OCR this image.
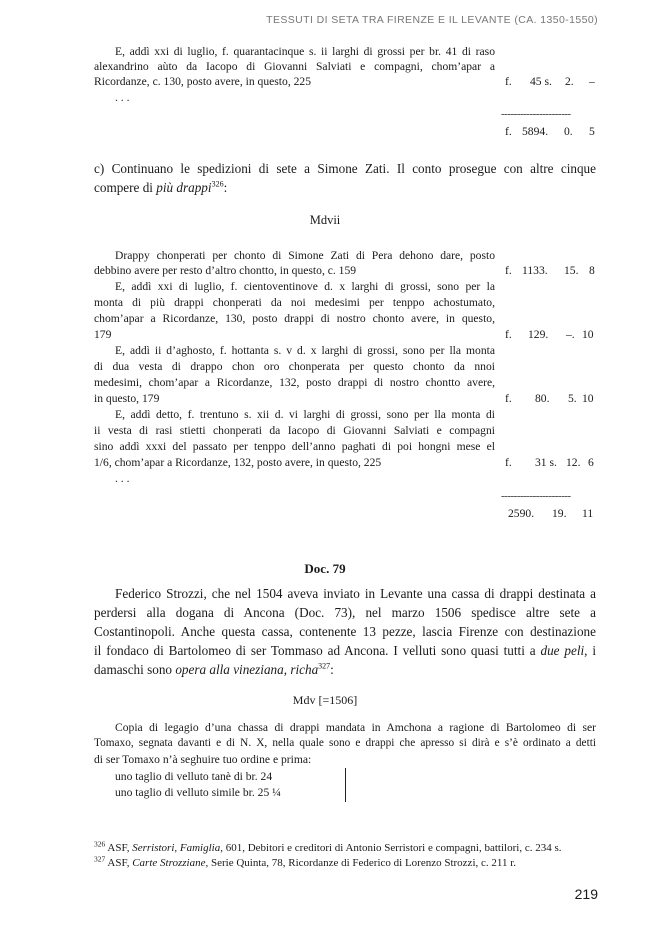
TESSUTI DI SETA TRA FIRENZE E IL LEVANTE (CA. 1350-1550)
E, addì xxi di luglio, f. quarantacinque s. ii larghi di grossi per br. 41 di raso
alexandrino aùto da Iacopo di Giovanni Salviati e compagni, chom’apar a
Ricordanze, c. 130, posto avere, in questo, 225
. . .
f. 45 s. 2. –
----------------------
f. 5894. 0. 5
c) Continuano le spedizioni di sete a Simone Zati. Il conto prosegue con altre cinque
compere di più drappi$^{326}$:
Mdvii
Drappy chonperati per chonto di Simone Zati di Pera dehono dare, posto
debbino avere per resto d’altro chontto, in questo, c. 159	f. 1133. 15. 8
E, addì xxi di luglio, f. cientoventinove d. x larghi di grossi, sono per la
monta di più drappi chonperati da noi medesimi per tenppo achostumato,
chom’apar a Ricordanze, 130, posto drappi di nostro chonto avere, in questo,
179	f. 129. –. 10
E, addì ii d’aghosto, f. hottanta s. v d. x larghi di grossi, sono per lla monta
di dua vesta di drappo chon oro chonperata per questo chonto da nnoi
medesimi, chom’apar a Ricordanze, 132, posto drappi di nostro chontto avere,
in questo, 179	f. 80. 5. 10
E, addì detto, f. trentuno s. xii d. vi larghi di grossi, sono per lla monta di
ii vesta di rasi stietti chonperati da Iacopo di Giovanni Salviati e compagni
sino addì xxxi del passato per tenppo dell’anno paghati di poi hongni mese el
1/6, chom’apar a Ricordanze, 132, posto avere, in questo, 225	f. 31 s. 12. 6
. . .
----------------------
2590. 19. 11
Doc. 79
Federico Strozzi, che nel 1504 aveva inviato in Levante una cassa di drappi destinata a
perdersi alla dogana di Ancona (Doc. 73), nel marzo 1506 spedisce altre sete a
Costantinopoli. Anche questa cassa, contenente 13 pezze, lascia Firenze con destinazione
il fondaco di Bartolomeo di ser Tommaso ad Ancona. I velluti sono quasi tutti a due peli, i
damaschi sono opera alla vineziana, richa$^{327}$:
Mdv [=1506]
Copia di legagio d’una chassa di drappi mandata in Amchona a ragione di Bartolomeo di ser
Tomaxo, segnata davanti e di N. X, nella quale sono e drappi che apresso si dirà e s’è ordinato a detti
di ser Tomaxo n’à seghuire tuo ordine e prima:
uno taglio di velluto tanè di br. 24
uno taglio di velluto simile br. 25 ¼
$^{326}$ ASF, Serristori, Famiglia, 601, Debitori e creditori di Antonio Serristori e compagni, battilori, c. 234 s.
$^{327}$ ASF, Carte Strozziane, Serie Quinta, 78, Ricordanze di Federico di Lorenzo Strozzi, c. 211 r.
219
